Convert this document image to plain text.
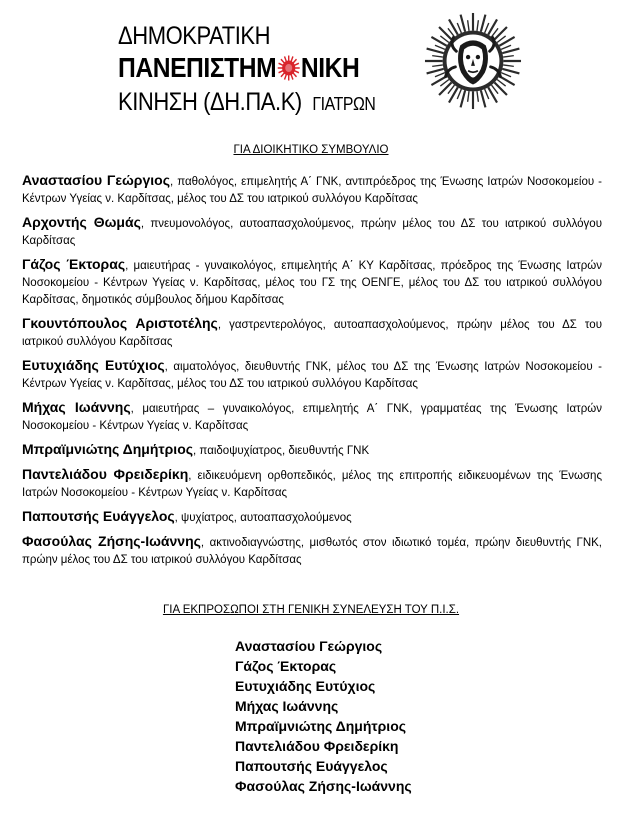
ΔΗΜΟΚΡΑΤΙΚΗ
ΠΑΝΕΠΙΣΤΗΜ ΝΙΚΗ
ΚΙΝΗΣΗ (ΔΗ.ΠΑ.Κ) ΓΙΑΤΡΩΝ
ΓΙΑ ΔΙΟΙΚΗΤΙΚΟ ΣΥΜΒΟΥΛΙΟ

Αναστασίου Γεώργιος, παθολόγος, επιμελητής Α΄ ΓΝΚ, αντιπρόεδρος της Ένωσης Ιατρών Νοσοκομείου - Κέντρων Υγείας ν. Καρδίτσας, μέλος του ΔΣ του ιατρικού συλλόγου Καρδίτσας

Αρχοντής Θωμάς, πνευμονολόγος, αυτοαπασχολούμενος, πρώην μέλος του ΔΣ του ιατρικού συλλόγου Καρδίτσας

Γάζος Έκτορας, μαιευτήρας - γυναικολόγος, επιμελητής Α΄ ΚΥ Καρδίτσας, πρόεδρος της Ένωσης Ιατρών Νοσοκομείου - Κέντρων Υγείας ν. Καρδίτσας, μέλος του ΓΣ της ΟΕΝΓΕ, μέλος του ΔΣ του ιατρικού συλλόγου Καρδίτσας, δημοτικός σύμβουλος δήμου Καρδίτσας

Γκουντόπουλος Αριστοτέλης, γαστρεντερολόγος, αυτοαπασχολούμενος, πρώην μέλος του ΔΣ του ιατρικού συλλόγου Καρδίτσας

Ευτυχιάδης Ευτύχιος, αιματολόγος, διευθυντής ΓΝΚ, μέλος του ΔΣ της Ένωσης Ιατρών Νοσοκομείου - Κέντρων Υγείας ν. Καρδίτσας, μέλος του ΔΣ του ιατρικού συλλόγου Καρδίτσας

Μήχας Ιωάννης, μαιευτήρας – γυναικολόγος, επιμελητής Α΄ ΓΝΚ, γραμματέας της Ένωσης Ιατρών Νοσοκομείου - Κέντρων Υγείας ν. Καρδίτσας

Μπραϊμνιώτης Δημήτριος, παιδοψυχίατρος, διευθυντής ΓΝΚ

Παντελιάδου Φρειδερίκη, ειδικευόμενη ορθοπεδικός, μέλος της επιτροπής ειδικευομένων της Ένωσης Ιατρών Νοσοκομείου - Κέντρων Υγείας ν. Καρδίτσας

Παπουτσής Ευάγγελος, ψυχίατρος, αυτοαπασχολούμενος

Φασούλας Ζήσης-Ιωάννης, ακτινοδιαγνώστης, μισθωτός στον ιδιωτικό τομέα, πρώην διευθυντής ΓΝΚ, πρώην μέλος του ΔΣ του ιατρικού συλλόγου Καρδίτσας

ΓΙΑ ΕΚΠΡΟΣΩΠΟΙ ΣΤΗ ΓΕΝΙΚΗ ΣΥΝΕΛΕΥΣΗ ΤΟΥ Π.Ι.Σ.
Αναστασίου Γεώργιος
Γάζος Έκτορας
Ευτυχιάδης Ευτύχιος
Μήχας Ιωάννης
Μπραϊμνιώτης Δημήτριος
Παντελιάδου Φρειδερίκη
Παπουτσής Ευάγγελος
Φασούλας Ζήσης-Ιωάννης
